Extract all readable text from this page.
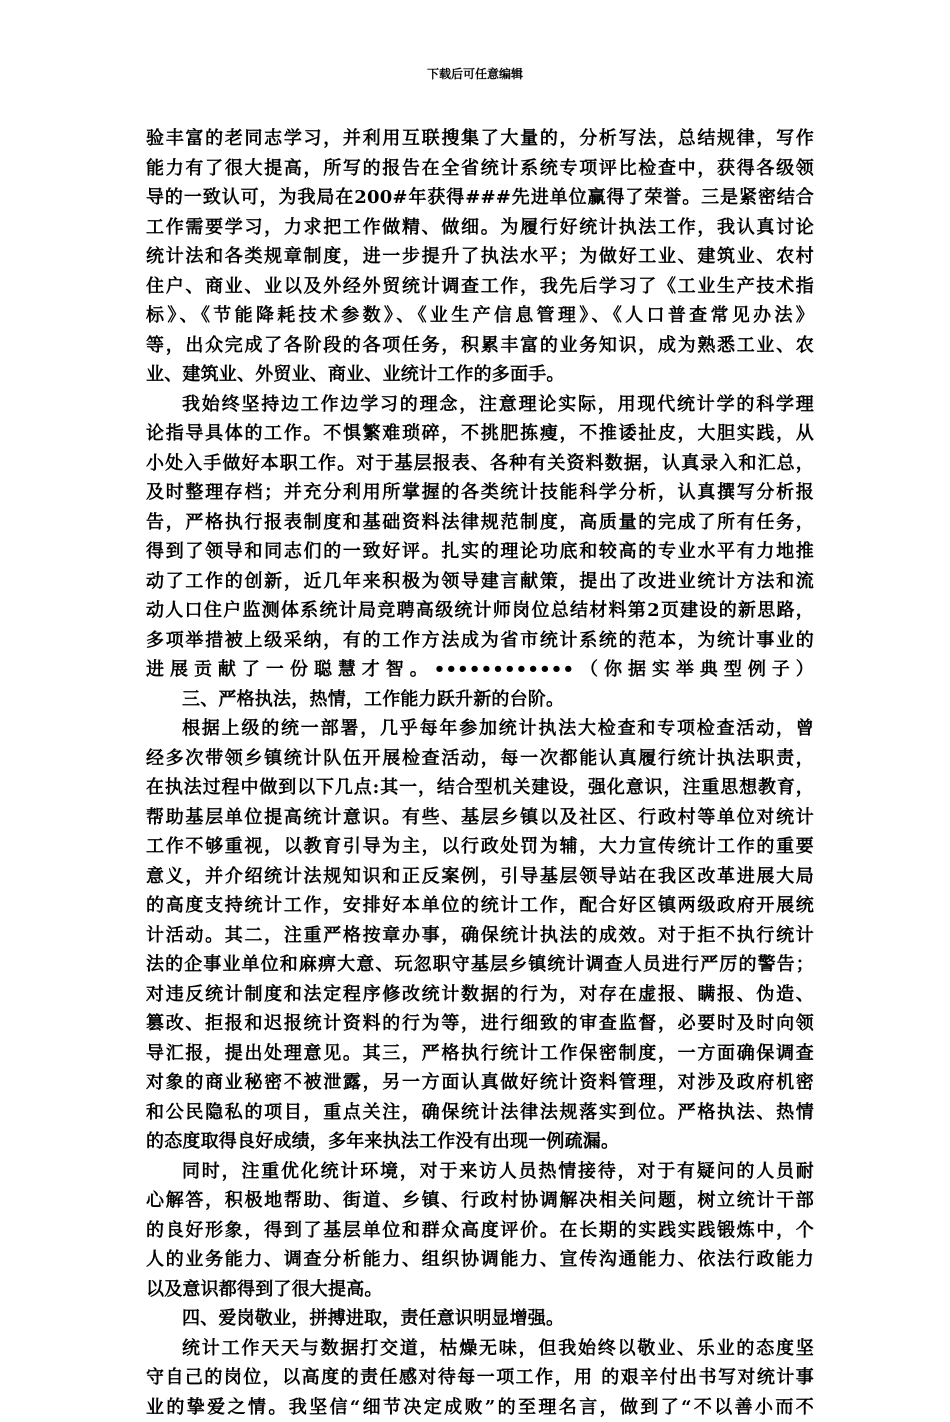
下载后可任意编辑
验丰富的老同志学习，并利用互联搜集了大量的，分析写法，总结规律，写作
能力有了很大提高，所写的报告在全省统计系统专项评比检查中，获得各级领
导的一致认可，为我局在200#年获得###先进单位赢得了荣誉。三是紧密结合
工作需要学习，力求把工作做精、做细。为履行好统计执法工作，我认真讨论
统计法和各类规章制度，进一步提升了执法水平；为做好工业、建筑业、农村
住户、商业、业以及外经外贸统计调查工作，我先后学习了《工业生产技术指
标》、《节能降耗技术参数》、《业生产信息管理》、《人口普查常见办法》
等，出众完成了各阶段的各项任务，积累丰富的业务知识，成为熟悉工业、农
业、建筑业、外贸业、商业、业统计工作的多面手。
我始终坚持边工作边学习的理念，注意理论实际，用现代统计学的科学理
论指导具体的工作。不惧繁难琐碎，不挑肥拣瘦，不推诿扯皮，大胆实践，从
小处入手做好本职工作。对于基层报表、各种有关资料数据，认真录入和汇总，
及时整理存档；并充分利用所掌握的各类统计技能科学分析，认真撰写分析报
告，严格执行报表制度和基础资料法律规范制度，高质量的完成了所有任务，
得到了领导和同志们的一致好评。扎实的理论功底和较高的专业水平有力地推
动了工作的创新，近几年来积极为领导建言献策，提出了改进业统计方法和流
动人口住户监测体系统计局竞聘高级统计师岗位总结材料第2页建设的新思路，
多项举措被上级采纳，有的工作方法成为省市统计系统的范本，为统计事业的
进展贡献了一份聪慧才智。••••••••••••（你据实举典型例子）
三、严格执法，热情，工作能力跃升新的台阶。
根据上级的统一部署，几乎每年参加统计执法大检查和专项检查活动，曾
经多次带领乡镇统计队伍开展检查活动，每一次都能认真履行统计执法职责，
在执法过程中做到以下几点:其一，结合型机关建设，强化意识，注重思想教育，
帮助基层单位提高统计意识。有些、基层乡镇以及社区、行政村等单位对统计
工作不够重视，以教育引导为主，以行政处罚为辅，大力宣传统计工作的重要
意义，并介绍统计法规知识和正反案例，引导基层领导站在我区改革进展大局
的高度支持统计工作，安排好本单位的统计工作，配合好区镇两级政府开展统
计活动。其二，注重严格按章办事，确保统计执法的成效。对于拒不执行统计
法的企事业单位和麻痹大意、玩忽职守基层乡镇统计调查人员进行严厉的警告；
对违反统计制度和法定程序修改统计数据的行为，对存在虚报、瞒报、伪造、
篡改、拒报和迟报统计资料的行为等，进行细致的审查监督，必要时及时向领
导汇报，提出处理意见。其三，严格执行统计工作保密制度，一方面确保调查
对象的商业秘密不被泄露，另一方面认真做好统计资料管理，对涉及政府机密
和公民隐私的项目，重点关注，确保统计法律法规落实到位。严格执法、热情
的态度取得良好成绩，多年来执法工作没有出现一例疏漏。
同时，注重优化统计环境，对于来访人员热情接待，对于有疑问的人员耐
心解答，积极地帮助、街道、乡镇、行政村协调解决相关问题，树立统计干部
的良好形象，得到了基层单位和群众高度评价。在长期的实践实践锻炼中，个
人的业务能力、调查分析能力、组织协调能力、宣传沟通能力、依法行政能力
以及意识都得到了很大提高。
四、爱岗敬业，拼搏进取，责任意识明显增强。
统计工作天天与数据打交道，枯燥无味，但我始终以敬业、乐业的态度坚
守自己的岗位，以高度的责任感对待每一项工作，用 的艰辛付出书写对统计事
业的挚爱之情。我坚信“细节决定成败”的至理名言，做到了“不以善小而不
